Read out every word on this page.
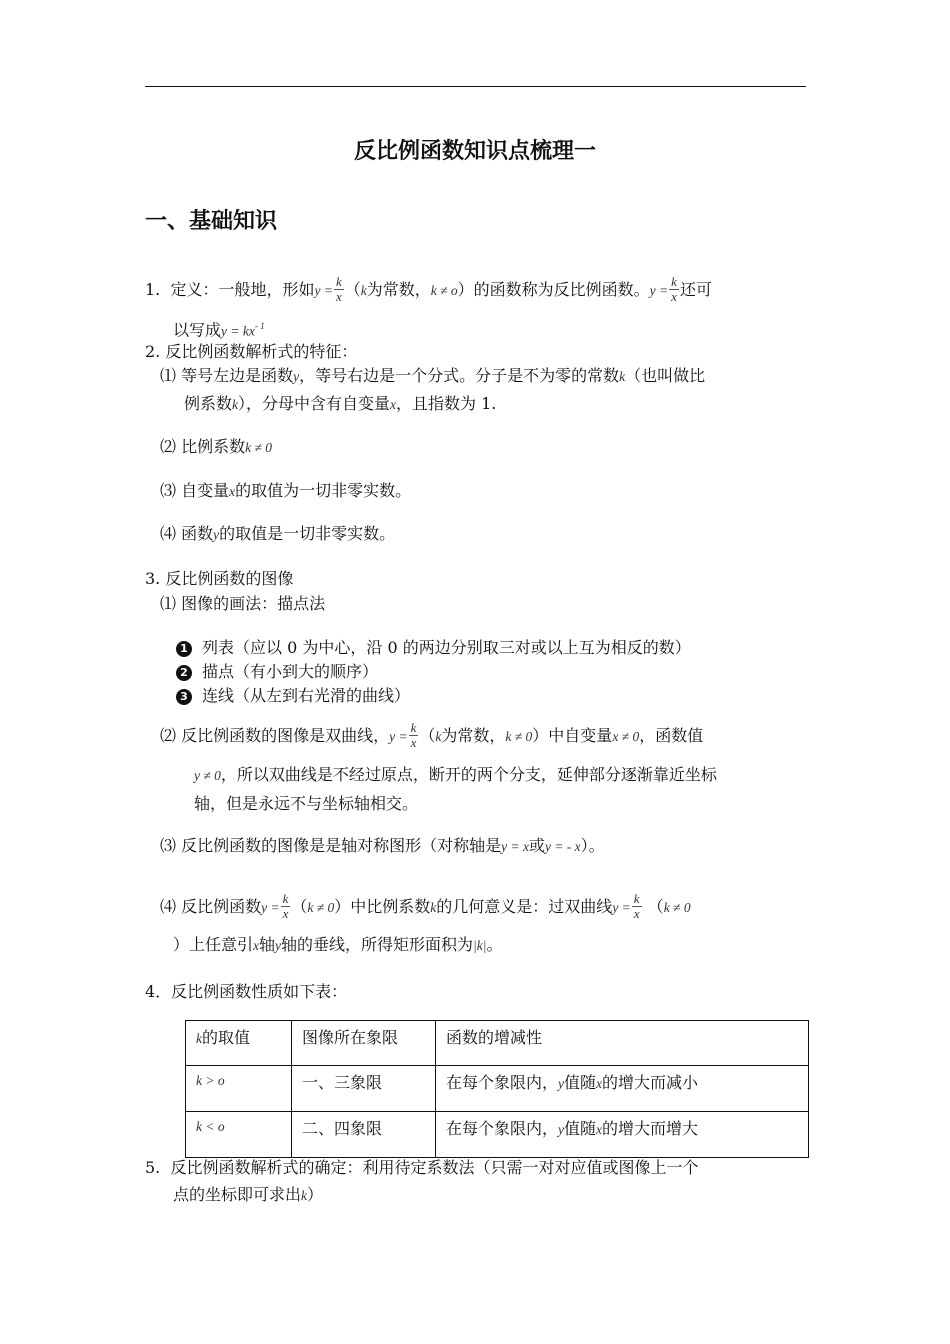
反比例函数知识点梳理一
一、基础知识
1. 定义：一般地，形如$y = \frac{k}{x} (k$为常数，k ≠ o）的函数称为反比例函数。$y = \frac{k}{x}$ 还可
以写成$y = kx^{- 1}$
2. 反比例函数解析式的特征：
⑴ 等号左边是函数y，等号右边是一个分式。分子是不为零的常数k（也叫做比
例系数k），分母中含有自变量x，且指数为 1.
⑵ 比例系数k ≠ 0
⑶ 自变量x的取值为一切非零实数。
⑷ 函数y的取值是一切非零实数。
3. 反比例函数的图像
⑴ 图像的画法：描点法
1 列表（应以 0 为中心，沿 0 的两边分别取三对或以上互为相反的数）
2 描点（有小到大的顺序）
3 连线（从左到右光滑的曲线）
⑵ 反比例函数的图像是双曲线，$y = \frac{k}{x} (k$为常数，k ≠ 0）中自变量x ≠ 0，函数值
y ≠ 0，所以双曲线是不经过原点，断开的两个分支，延伸部分逐渐靠近坐标
轴，但是永远不与坐标轴相交。
⑶ 反比例函数的图像是是轴对称图形（对称轴是y = x或y = - x）。
⑷ 反比例函数$y = \frac{k}{x} (k \ne 0)$中比例系数k的几何意义是：过双曲线$y = \frac{k}{x} (k \ne 0$
）上任意引x轴y轴的垂线，所得矩形面积为|k|。
4．反比例函数性质如下表：
k的取值	图像所在象限	函数的增减性
k > o	一、三象限	在每个象限内，y值随x的增大而减小
k < o	二、四象限	在每个象限内，y值随x的增大而增大
5. 反比例函数解析式的确定：利用待定系数法（只需一对对应值或图像上一个
点的坐标即可求出k）
